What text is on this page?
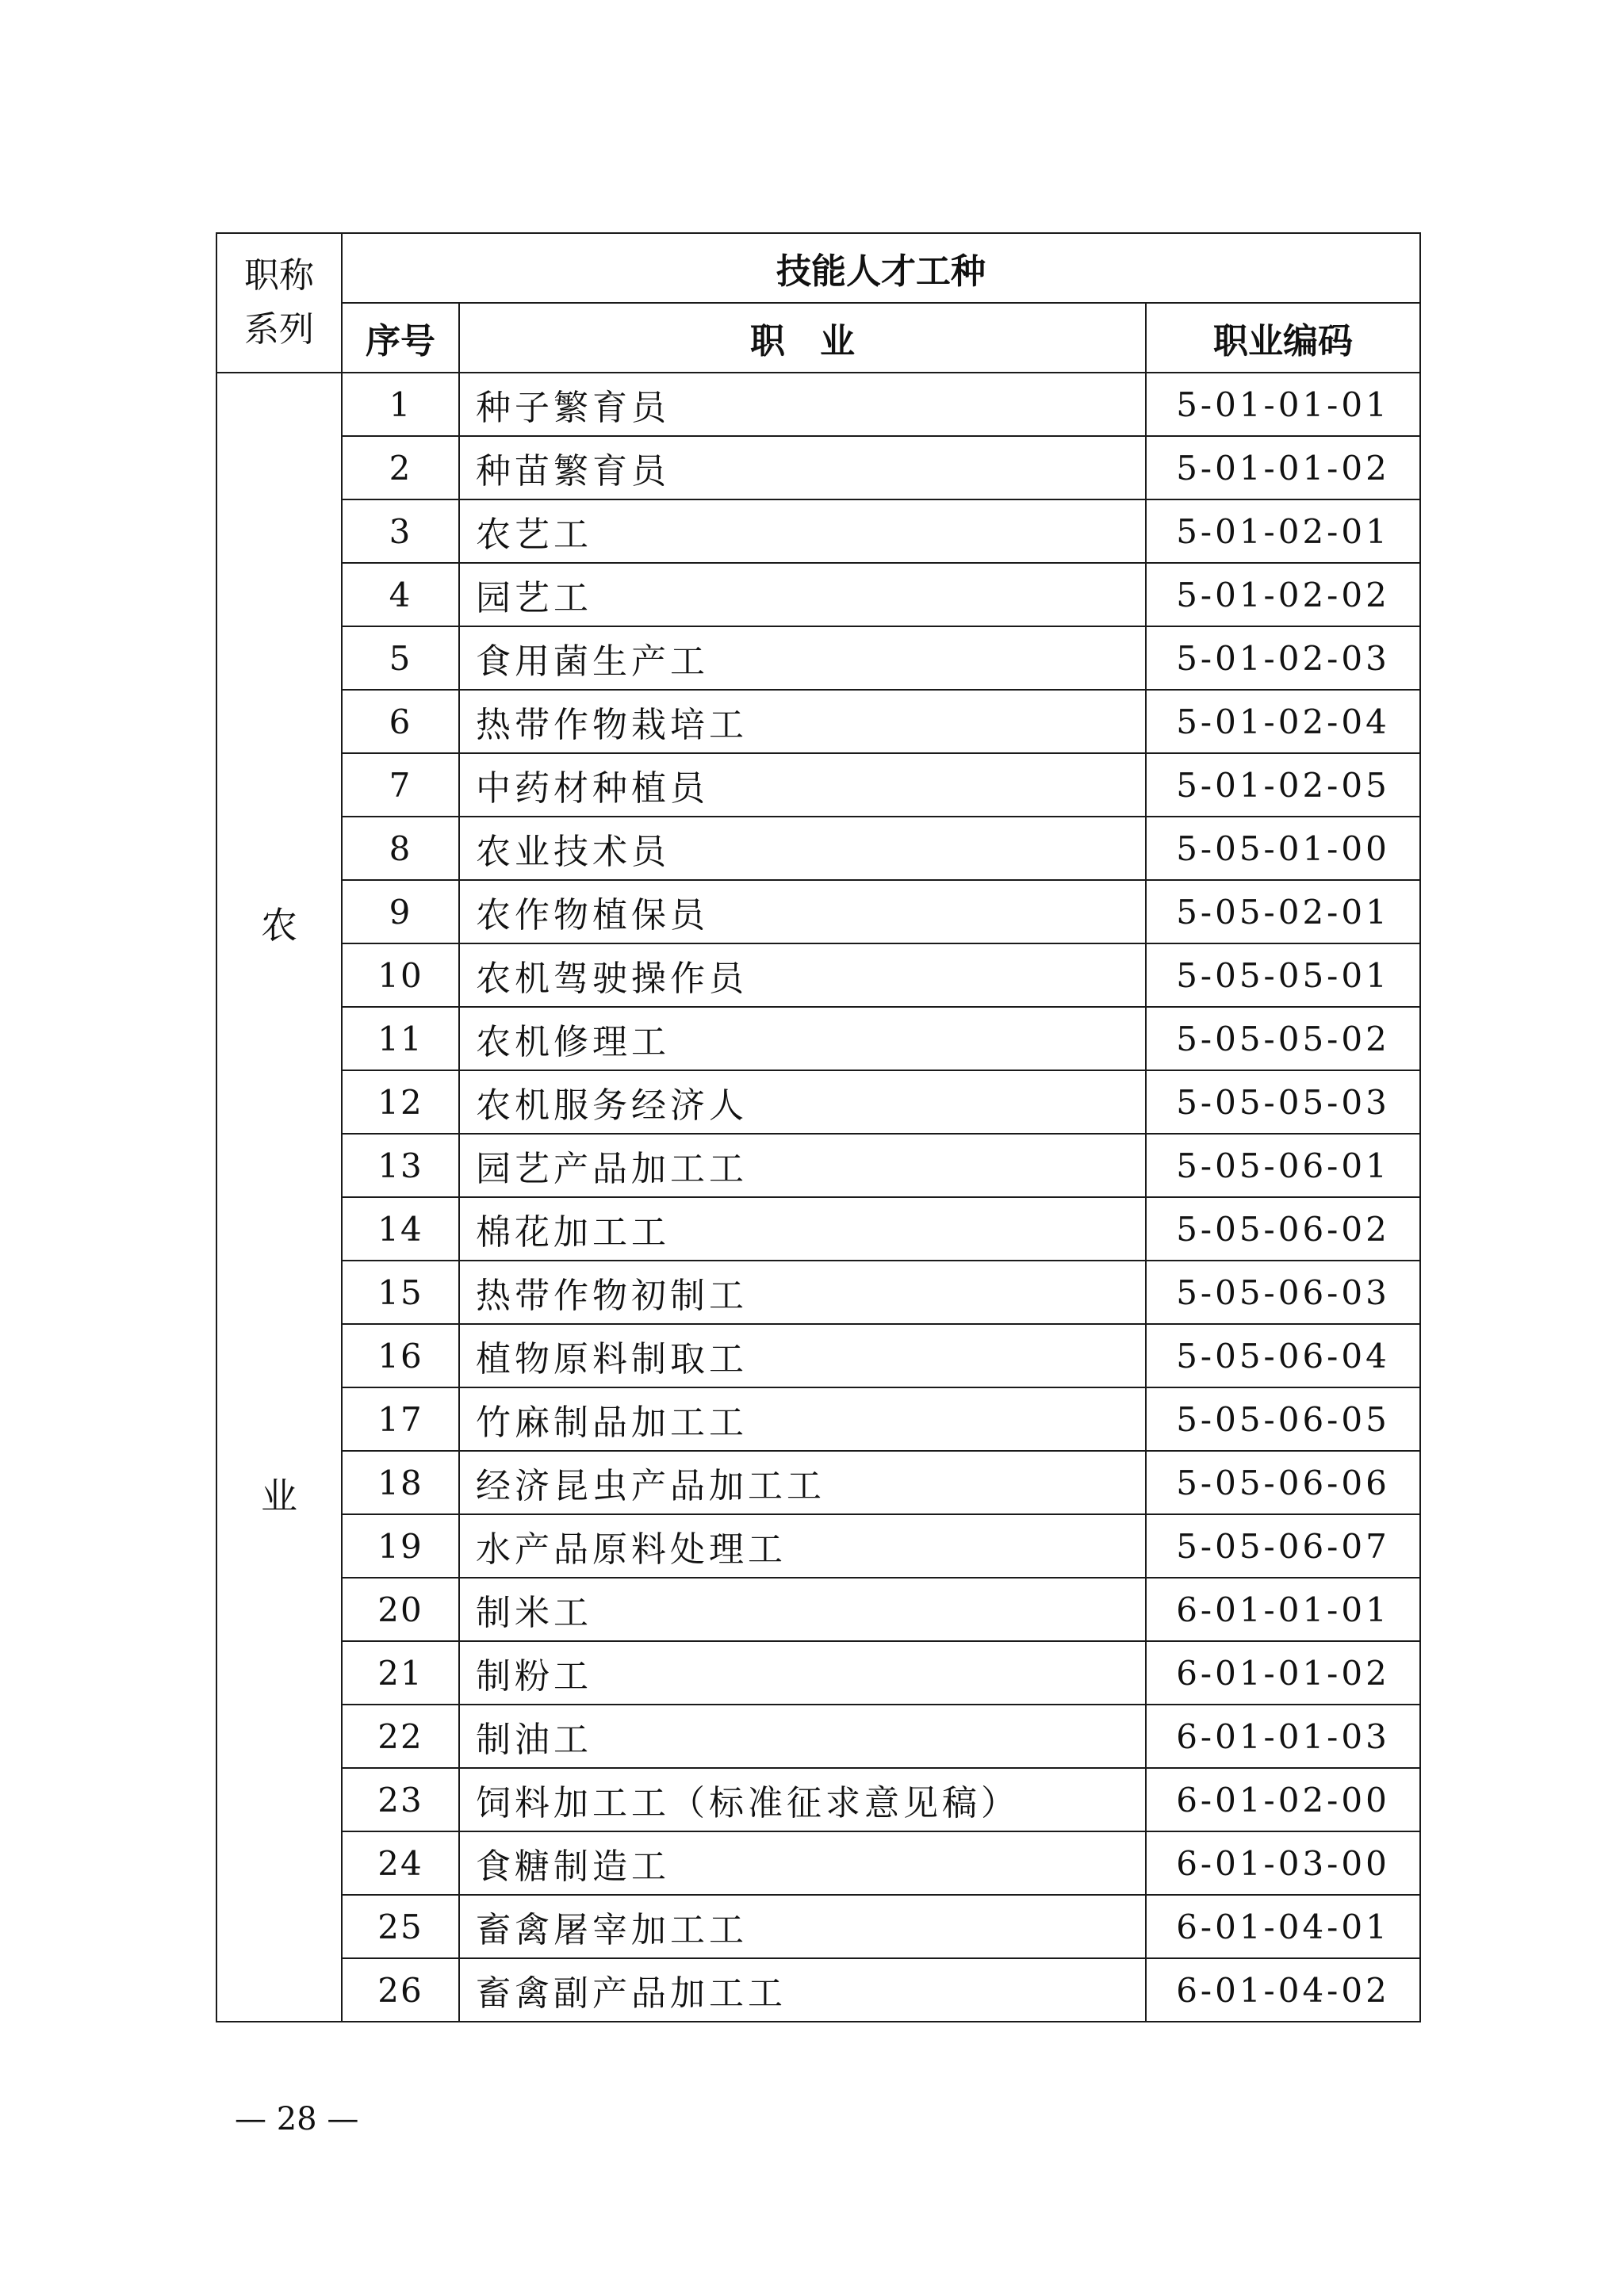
职称
系列	技能人才工种		
	序号	职　业	职业编码

农
业	1	种子繁育员	5-01-01-01
	2	种苗繁育员	5-01-01-02
	3	农艺工	5-01-02-01
	4	园艺工	5-01-02-02
	5	食用菌生产工	5-01-02-03
	6	热带作物栽培工	5-01-02-04
	7	中药材种植员	5-01-02-05
	8	农业技术员	5-05-01-00
	9	农作物植保员	5-05-02-01
	10	农机驾驶操作员	5-05-05-01
	11	农机修理工	5-05-05-02
	12	农机服务经济人	5-05-05-03
	13	园艺产品加工工	5-05-06-01
	14	棉花加工工	5-05-06-02
	15	热带作物初制工	5-05-06-03
	16	植物原料制取工	5-05-06-04
	17	竹麻制品加工工	5-05-06-05
	18	经济昆虫产品加工工	5-05-06-06
	19	水产品原料处理工	5-05-06-07
	20	制米工	6-01-01-01
	21	制粉工	6-01-01-02
	22	制油工	6-01-01-03
	23	饲料加工工（标准征求意见稿）	6-01-02-00
	24	食糖制造工	6-01-03-00
	25	畜禽屠宰加工工	6-01-04-01
	26	畜禽副产品加工工	6-01-04-02
— 28 —
